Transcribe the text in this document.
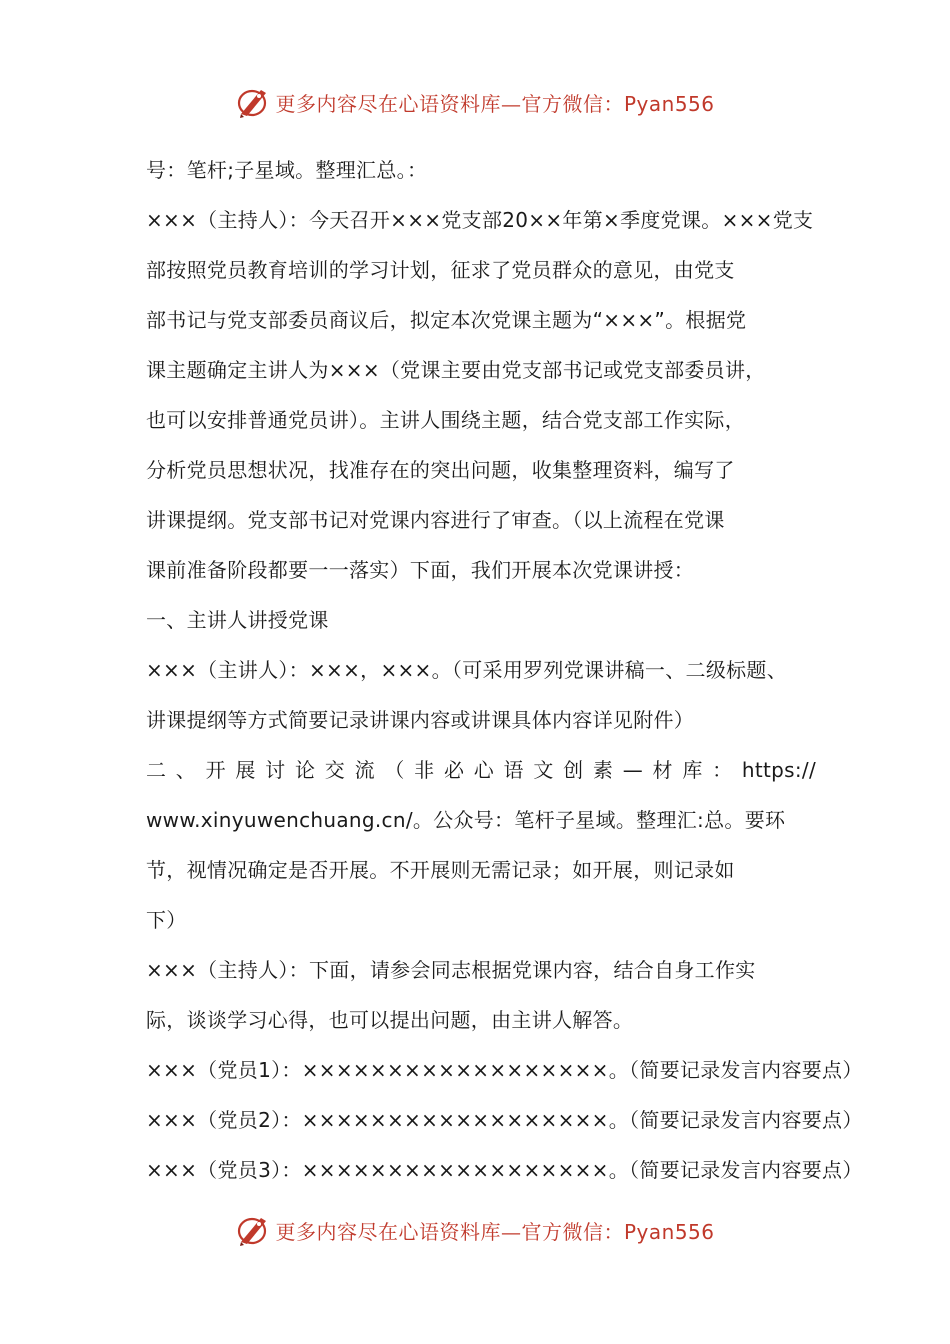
更多内容尽在心语资料库—官方微信：Pyan556
号：笔杆;子星域。整理汇总。：
×××（主持人）：今天召开×××党支部20××年第×季度党课。×××党支
部按照党员教育培训的学习计划，征求了党员群众的意见，由党支
部书记与党支部委员商议后，拟定本次党课主题为“×××”。根据党
课主题确定主讲人为×××（党课主要由党支部书记或党支部委员讲，
也可以安排普通党员讲）。主讲人围绕主题，结合党支部工作实际，
分析党员思想状况，找准存在的突出问题，收集整理资料，编写了
讲课提纲。党支部书记对党课内容进行了审查。（以上流程在党课
课前准备阶段都要一一落实）下面，我们开展本次党课讲授：
一、主讲人讲授党课
×××（主讲人）：×××，×××。（可采用罗列党课讲稿一、二级标题、
讲课提纲等方式简要记录讲课内容或讲课具体内容详见附件）
二、开展讨论交流（非必心语文创素—材库：https://
www.xinyuwenchuang.cn/。公众号：笔杆子星域。整理汇:总。要环
节，视情况确定是否开展。不开展则无需记录；如开展，则记录如
下）
×××（主持人）：下面，请参会同志根据党课内容，结合自身工作实
际，谈谈学习心得，也可以提出问题，由主讲人解答。
×××（党员1）：××××××××××××××××××。（简要记录发言内容要点）
×××（党员2）：××××××××××××××××××。（简要记录发言内容要点）
×××（党员3）：××××××××××××××××××。（简要记录发言内容要点）
更多内容尽在心语资料库—官方微信：Pyan556
